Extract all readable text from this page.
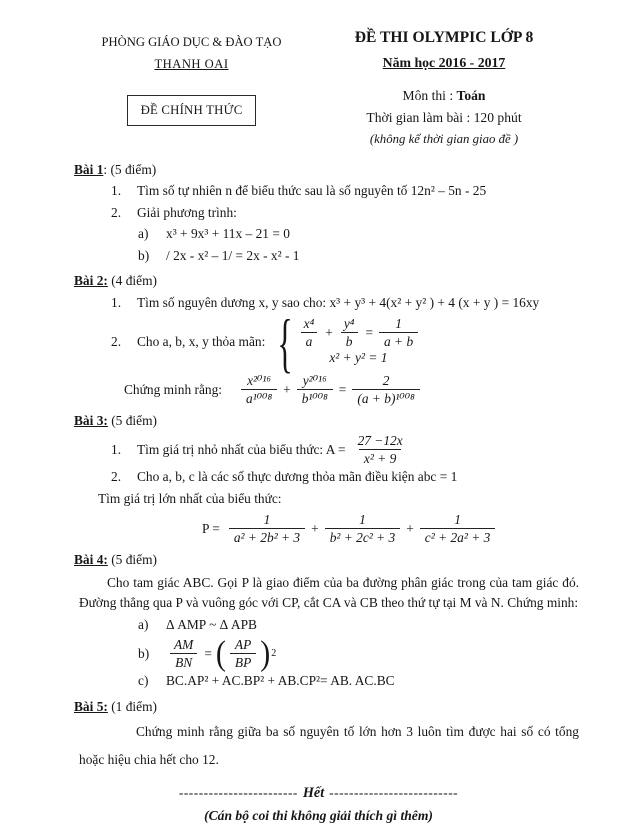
PHÒNG GIÁO DỤC & ĐÀO TẠO
THANH OAI
ĐỀ CHÍNH THỨC
ĐỀ THI OLYMPIC LỚP 8
Năm học 2016 - 2017
Môn thi : Toán
Thời gian làm bài : 120 phút
(không kể thời gian giao đề )
Bài 1: (5 điểm)
1.	Tìm số tự nhiên n để biểu thức sau là số nguyên tố 12n² – 5n - 25
2.	Giải phương trình:
a)	x³ + 9x³ + 11x – 21 = 0
b)	/ 2x - x² – 1/ = 2x - x² - 1
Bài 2: (4 điểm)
1.	Tìm số nguyên dương x, y sao cho: x³ + y³ + 4(x² + y² ) + 4 (x + y ) = 16xy
2.	Cho a, b, x, y thỏa mãn: { $\frac{\text{x⁴}}{a} + \frac{\text{y⁴}}{b} = \frac{1}{a + b}$
x² + y² = 1
Chứng minh rằng: $\frac{\text{x²⁰¹⁶}}{\text{a¹⁰⁰⁸}} + \frac{\text{y²⁰¹⁶}}{\text{b¹⁰⁰⁸}} = \frac{2}{\text{(a + b)¹⁰⁰⁸}}$
Bài 3: (5 điểm)
1.	Tìm giá trị nhỏ nhất của biểu thức: $A = \frac{27 -12x}{\text{x² + 9}}$
2.	Cho a, b, c là các số thực dương thỏa mãn điều kiện abc = 1
Tìm giá trị lớn nhất của biểu thức:
$P = \frac{1}{\text{a² + 2b² + 3}} + \frac{1}{\text{b² + 2c² + 3}} + \frac{1}{\text{c² + 2a² + 3}}$
Bài 4: (5 điểm)
Cho tam giác ABC. Gọi P là giao điểm của ba đường phân giác trong của tam giác đó. Đường thẳng qua P và vuông góc với CP, cắt CA và CB theo thứ tự tại M và N. Chứng minh:
a)	Δ AMP ~ Δ APB
b)	$\frac{AM}{BN}$ = ( $\frac{AP}{BP}$ ) 2
c)	BC.AP² + AC.BP² + AB.CP²= AB. AC.BC
Bài 5: (1 điểm)
Chứng minh rằng giữa ba số nguyên tố lớn hơn 3 luôn tìm được hai số có tổng hoặc hiệu chia hết cho 12.
------------------------ Hết --------------------------
(Cán bộ coi thi không giải thích gì thêm)
